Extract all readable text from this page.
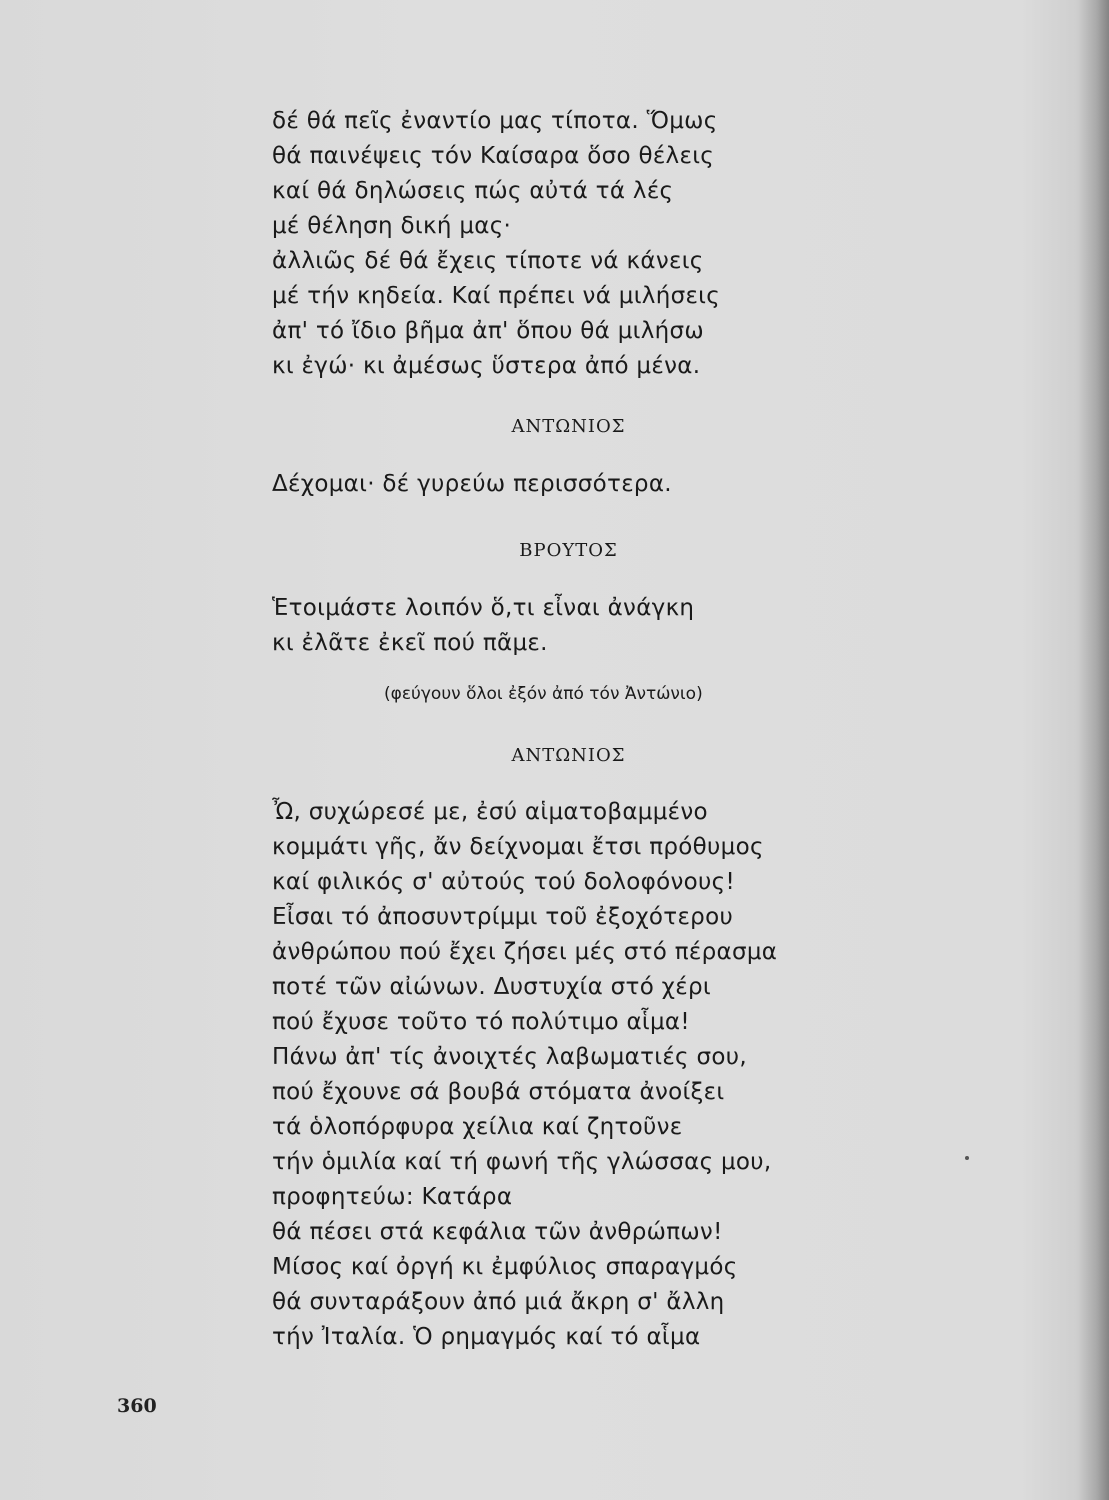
δέ θά πεῖς ἐναντίο μας τίποτα. Ὅμως
θά παινέψεις τόν Καίσαρα ὅσο θέλεις
καί θά δηλώσεις πώς αὐτά τά λές
μέ θέληση δική μας·
ἀλλιῶς δέ θά ἔχεις τίποτε νά κάνεις
μέ τήν κηδεία. Καί πρέπει νά μιλήσεις
ἀπ' τό ἴδιο βῆμα ἀπ' ὅπου θά μιλήσω
κι ἐγώ· κι ἀμέσως ὕστερα ἀπό μένα.
ΑΝΤΩΝΙΟΣ
Δέχομαι· δέ γυρεύω περισσότερα.
ΒΡΟΥΤΟΣ
Ἑτοιμάστε λοιπόν ὅ,τι εἶναι ἀνάγκη
κι ἐλᾶτε ἐκεῖ πού πᾶμε.
(φεύγουν ὅλοι ἐξόν ἀπό τόν Ἀντώνιο)
ΑΝΤΩΝΙΟΣ
Ὦ, συχώρεσέ με, ἐσύ αἱματοβαμμένο
κομμάτι γῆς, ἄν δείχνομαι ἔτσι πρόθυμος
καί φιλικός σ' αὐτούς τού δολοφόνους!
Εἶσαι τό ἀποσυντρίμμι τοῦ ἐξοχότερου
ἀνθρώπου πού ἔχει ζήσει μές στό πέρασμα
ποτέ τῶν αἰώνων. Δυστυχία στό χέρι
πού ἔχυσε τοῦτο τό πολύτιμο αἷμα!
Πάνω ἀπ' τίς ἀνοιχτές λαβωματιές σου,
πού ἔχουνε σά βουβά στόματα ἀνοίξει
τά ὁλοπόρφυρα χείλια καί ζητοῦνε
τήν ὁμιλία καί τή φωνή τῆς γλώσσας μου,
προφητεύω: Κατάρα
θά πέσει στά κεφάλια τῶν ἀνθρώπων!
Μίσος καί ὀργή κι ἐμφύλιος σπαραγμός
θά συνταράξουν ἀπό μιά ἄκρη σ' ἄλλη
τήν Ἰταλία. Ὁ ρημαγμός καί τό αἷμα
360
